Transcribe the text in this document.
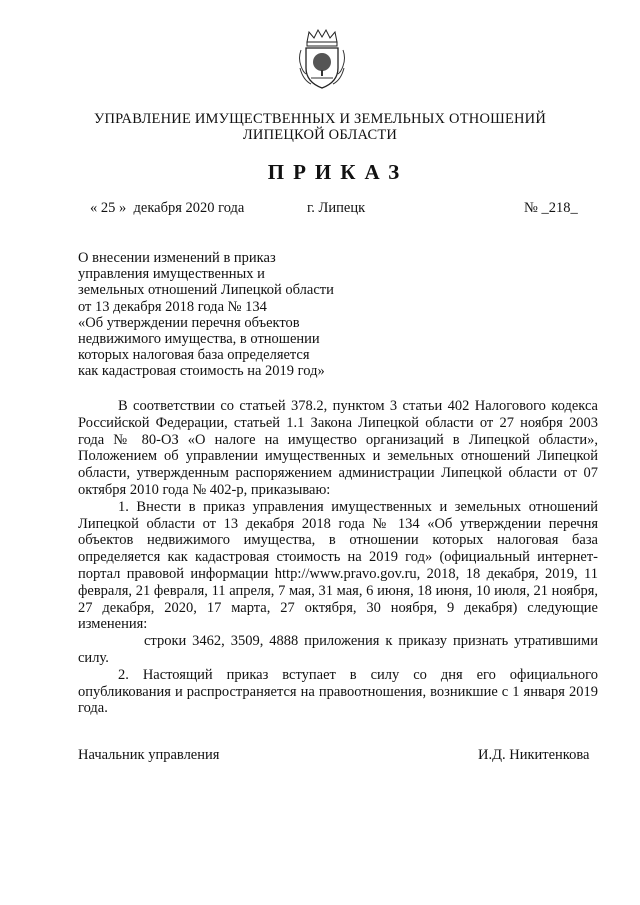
УПРАВЛЕНИЕ ИМУЩЕСТВЕННЫХ И ЗЕМЕЛЬНЫХ ОТНОШЕНИЙ
ЛИПЕЦКОЙ ОБЛАСТИ
ПРИКАЗ
« 25 »  декабря 2020 года	г. Липецк	№ _218_
О внесении изменений в приказ
управления имущественных и
земельных отношений Липецкой области
от 13 декабря 2018 года № 134
«Об утверждении перечня объектов
недвижимого имущества, в отношении
которых налоговая база определяется
как кадастровая стоимость на 2019 год»

В соответствии со статьей 378.2, пунктом 3 статьи 402 Налогового кодекса Российской Федерации, статьей 1.1 Закона Липецкой области от 27 ноября 2003 года № 80-ОЗ «О налоге на имущество организаций в Липецкой области», Положением об управлении имущественных и земельных отношений Липецкой области, утвержденным распоряжением администрации Липецкой области от 07 октября 2010 года № 402-р, приказываю:

1. Внести в приказ управления имущественных и земельных отношений Липецкой области от 13 декабря 2018 года № 134 «Об утверждении перечня объектов недвижимого имущества, в отношении которых налоговая база определяется как кадастровая стоимость на 2019 год» (официальный интернет-портал правовой информации http://www.pravo.gov.ru, 2018, 18 декабря, 2019, 11 февраля, 21 февраля, 11 апреля, 7 мая, 31 мая, 6 июня, 18 июня, 10 июля, 21 ноября, 27 декабря, 2020, 17 марта, 27 октября, 30 ноября, 9 декабря) следующие изменения:

строки 3462, 3509, 4888 приложения к приказу признать утратившими силу.

2. Настоящий приказ вступает в силу со дня его официального опубликования и распространяется на правоотношения, возникшие с 1 января 2019 года.

Начальник управления	И.Д. Никитенкова
